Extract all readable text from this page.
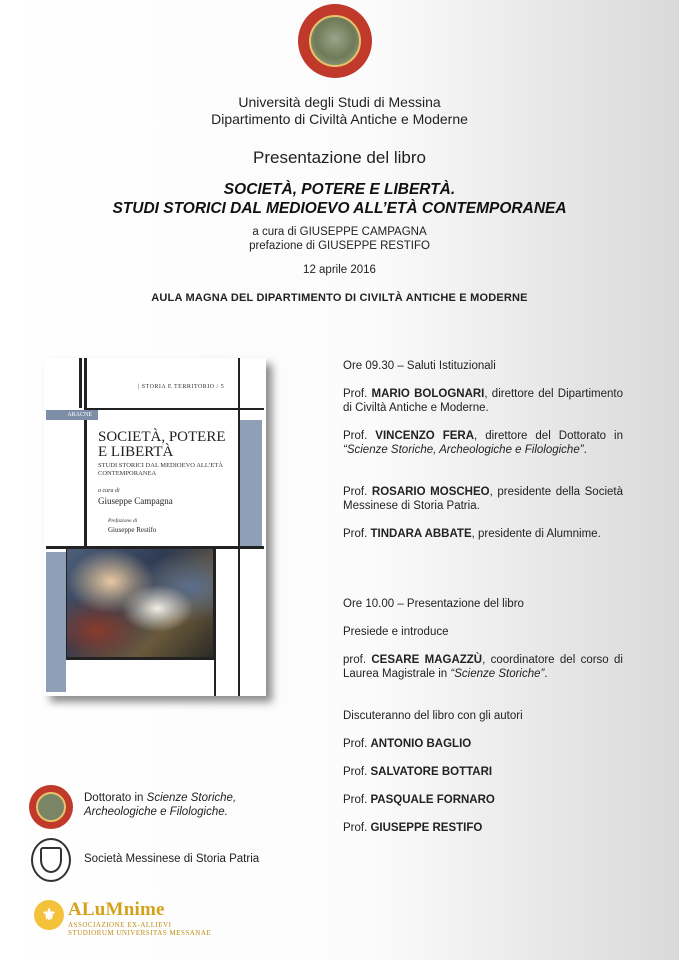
Università degli Studi di Messina
Dipartimento di Civiltà Antiche e Moderne
Presentazione del libro
SOCIETÀ, POTERE E LIBERTÀ.
STUDI STORICI DAL MEDIOEVO ALL’ETÀ CONTEMPORANEA
a cura di GIUSEPPE CAMPAGNA
prefazione di GIUSEPPE RESTIFO
12 aprile 2016
AULA MAGNA DEL DIPARTIMENTO DI CIVILTÀ ANTICHE E MODERNE
| STORIA E TERRITORIO / 5
ARACNE
SOCIETÀ, POTERE E LIBERTÀ
STUDI STORICI DAL MEDIOEVO ALL’ETÀ CONTEMPORANEA
a cura di
Giuseppe Campagna
Prefazione di
Giuseppe Restifo
Ore 09.30 – Saluti Istituzionali
Prof. MARIO BOLOGNARI, direttore del Dipartimento di Civiltà Antiche e Moderne.
Prof. VINCENZO FERA, direttore del Dottorato in “Scienze Storiche, Archeologiche e Filologiche”.
Prof. ROSARIO MOSCHEO, presidente della Società Messinese di Storia Patria.
Prof. TINDARA ABBATE, presidente di Alumnime.
Ore 10.00 – Presentazione del libro
Presiede e introduce
prof. CESARE MAGAZZÙ, coordinatore del corso di Laurea Magistrale in “Scienze Storiche”.
Discuteranno del libro con gli autori
Prof. ANTONIO BAGLIO
Prof. SALVATORE BOTTARI
Prof. PASQUALE FORNARO
Prof. GIUSEPPE RESTIFO
Dottorato in Scienze Storiche,
Archeologiche e Filologiche.
Società Messinese di Storia Patria
⚜ ALuMnime
ASSOCIAZIONE EX-ALLIEVI
STUDIORUM UNIVERSITAS MESSANAE
